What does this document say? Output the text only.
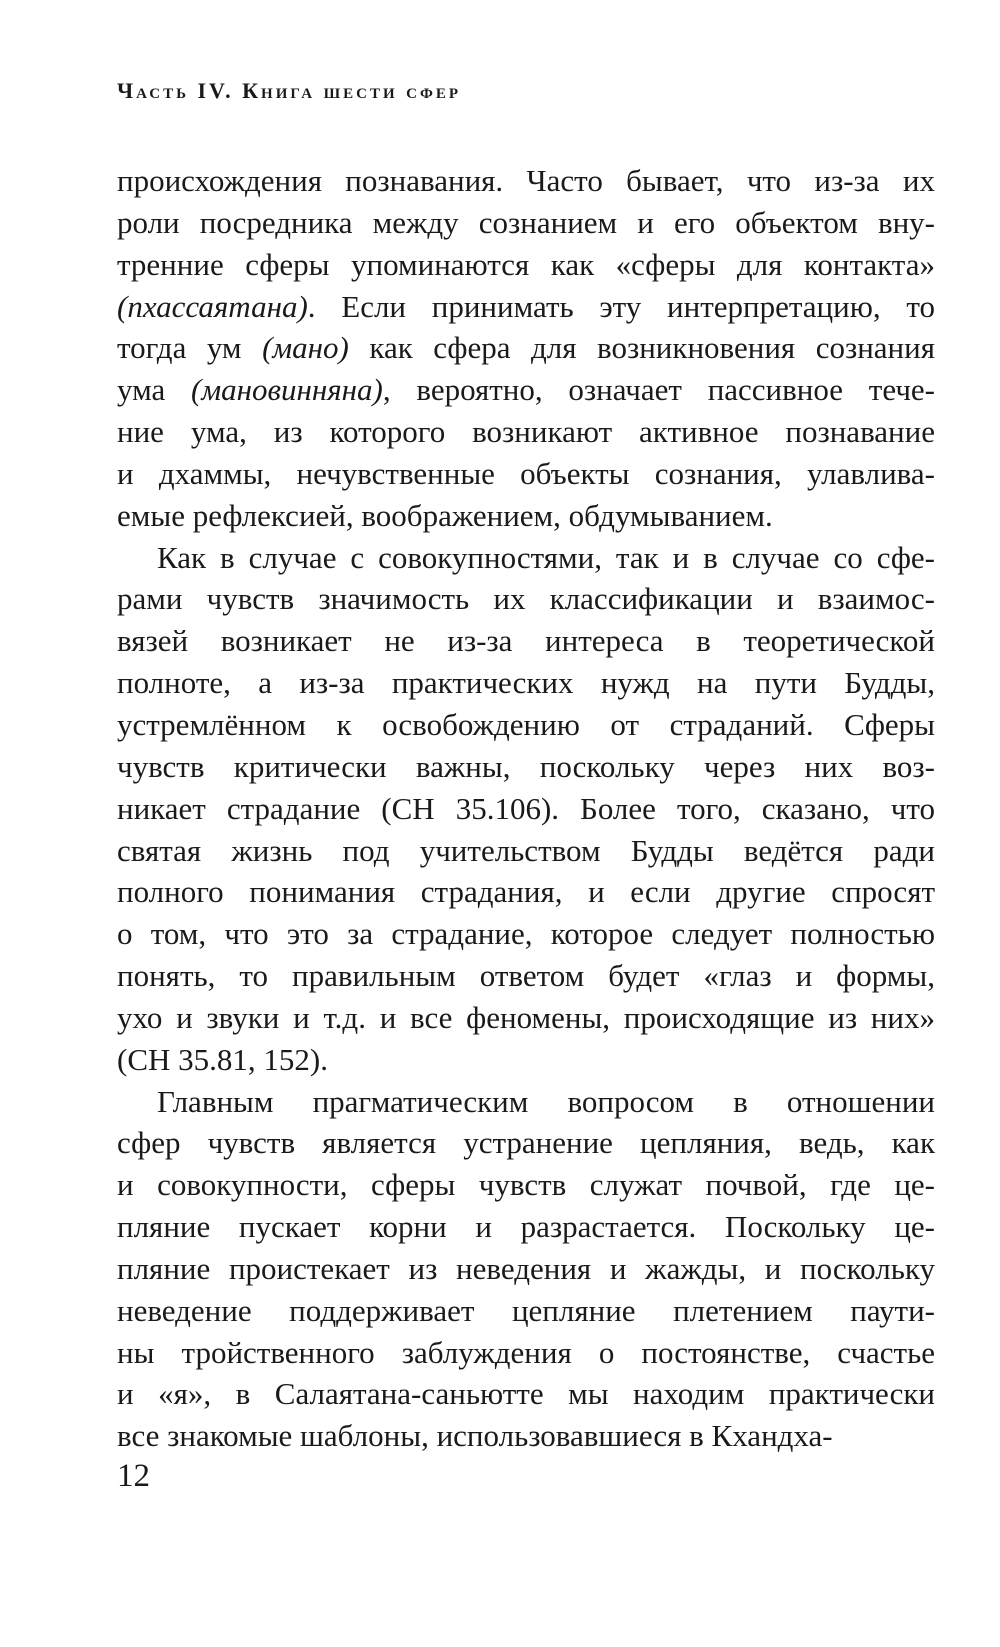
Часть IV. Книга шести сфер
происхождения познавания. Часто бывает, что из-за их
роли посредника между сознанием и его объектом вну-
тренние сферы упоминаются как «сферы для контакта»
(пхассаятана). Если принимать эту интерпретацию, то
тогда ум (мано) как сфера для возникновения сознания
ума (мановинняна), вероятно, означает пассивное тече-
ние ума, из которого возникают активное познавание
и дхаммы, нечувственные объекты сознания, улавлива-
емые рефлексией, воображением, обдумыванием.
Как в случае с совокупностями, так и в случае со сфе-
рами чувств значимость их классификации и взаимос-
вязей возникает не из-за интереса в теоретической
полноте, а из-за практических нужд на пути Будды,
устремлённом к освобождению от страданий. Сферы
чувств критически важны, поскольку через них воз-
никает страдание (СН 35.106). Более того, сказано, что
святая жизнь под учительством Будды ведётся ради
полного понимания страдания, и если другие спросят
о том, что это за страдание, которое следует полностью
понять, то правильным ответом будет «глаз и формы,
ухо и звуки и т.д. и все феномены, происходящие из них»
(СН 35.81, 152).
Главным прагматическим вопросом в отношении
сфер чувств является устранение цепляния, ведь, как
и совокупности, сферы чувств служат почвой, где це-
пляние пускает корни и разрастается. Поскольку це-
пляние проистекает из неведения и жажды, и поскольку
неведение поддерживает цепляние плетением паути-
ны тройственного заблуждения о постоянстве, счастье
и «я», в Салаятана-саньютте мы находим практически
все знакомые шаблоны, использовавшиеся в Кхандха-
12
